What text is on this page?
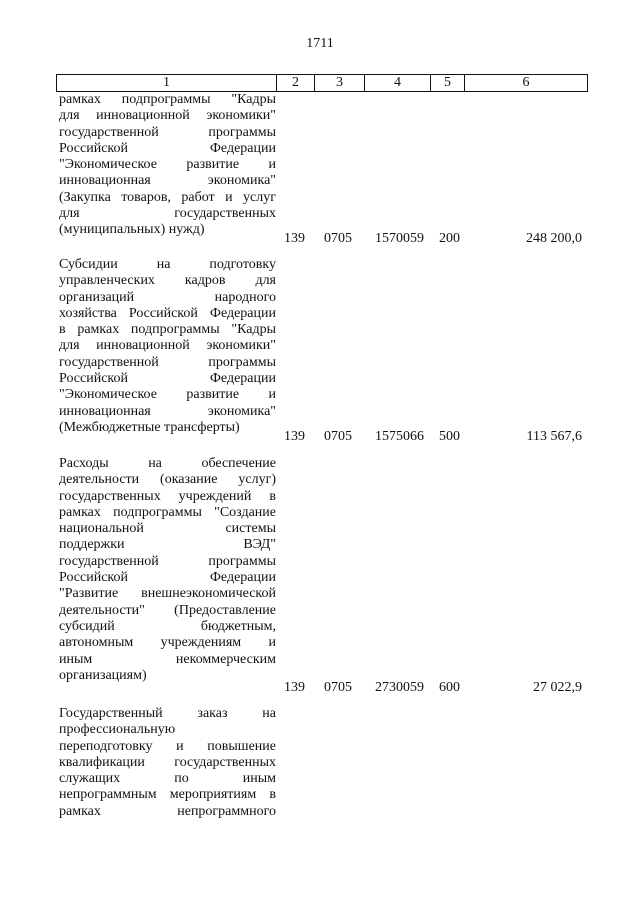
1711
1	2	3	4	5	6
рамках подпрограммы "Кадры
для инновационной экономики"
государственной программы
Российской Федерации
"Экономическое развитие и
инновационная экономика"
(Закупка товаров, работ и услуг
для государственных
(муниципальных) нужд)
139 0705 1570059 200	248 200,0
Субсидии на подготовку
управленческих кадров для
организаций народного
хозяйства Российской Федерации
в рамках подпрограммы "Кадры
для инновационной экономики"
государственной программы
Российской Федерации
"Экономическое развитие и
инновационная экономика"
(Межбюджетные трансферты)
139 0705 1575066 500	113 567,6
Расходы на обеспечение
деятельности (оказание услуг)
государственных учреждений в
рамках подпрограммы "Создание
национальной системы
поддержки ВЭД"
государственной программы
Российской Федерации
"Развитие внешнеэкономической
деятельности" (Предоставление
субсидий бюджетным,
автономным учреждениям и
иным некоммерческим
организациям)
139 0705 2730059 600	27 022,9
Государственный заказ на
профессиональную
переподготовку и повышение
квалификации государственных
служащих по иным
непрограммным мероприятиям в
рамках непрограммного
